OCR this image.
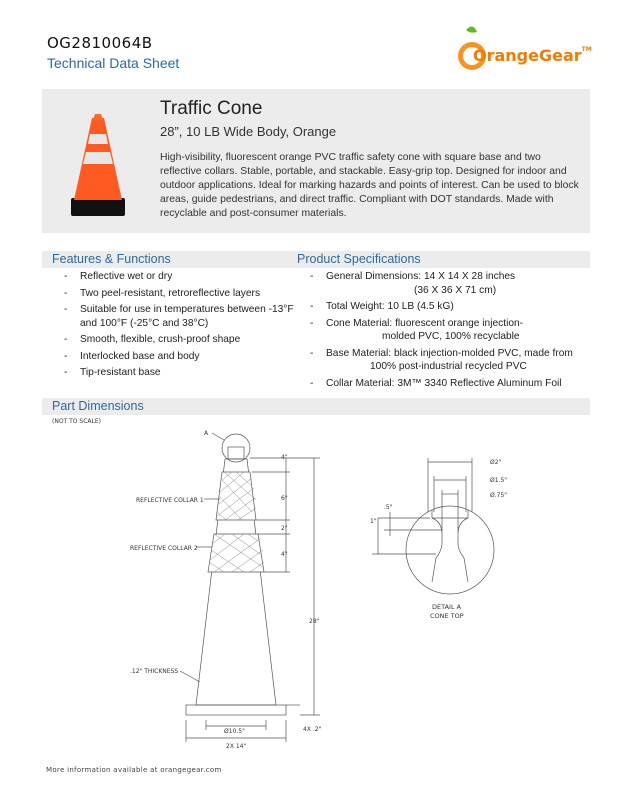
OG2810064B
Technical Data Sheet	OrangeGear™
Traffic Cone
28”, 10 LB Wide Body, Orange
High-visibility, fluorescent orange PVC traffic safety cone with square base and two reflective collars. Stable, portable, and stackable. Easy-grip top. Designed for indoor and outdoor applications. Ideal for marking hazards and points of interest. Can be used to block areas, guide pedestrians, and direct traffic. Compliant with DOT standards. Made with recyclable and post-consumer materials.
Features & Functions	Product Specifications
- Reflective wet or dry
- Two peel-resistant, retroreflective layers
- Suitable for use in temperatures between -13°F and 100°F (-25°C and 38°C)
- Smooth, flexible, crush-proof shape
- Interlocked base and body
- Tip-resistant base
- General Dimensions: 14 X 14 X 28 inches
(36 X 36 X 71 cm)
- Total Weight: 10 LB (4.5 kG)
- Cone Material: fluorescent orange injection-
molded PVC, 100% recyclable
- Base Material: black injection-molded PVC, made from
100% post-industrial recycled PVC
- Collar Material: 3M™ 3340 Reflective Aluminum Foil
Part Dimensions
(NOT TO SCALE)
A
REFLECTIVE COLLAR 1
REFLECTIVE COLLAR 2
.12" THICKNESS
4"
6"
2"
4"
28"
Ø10.5"
2X 14"
4X .2"
Ø2"
Ø1.5"
Ø.75"
.5"
1"
DETAIL A
CONE TOP
More information available at orangegear.com
